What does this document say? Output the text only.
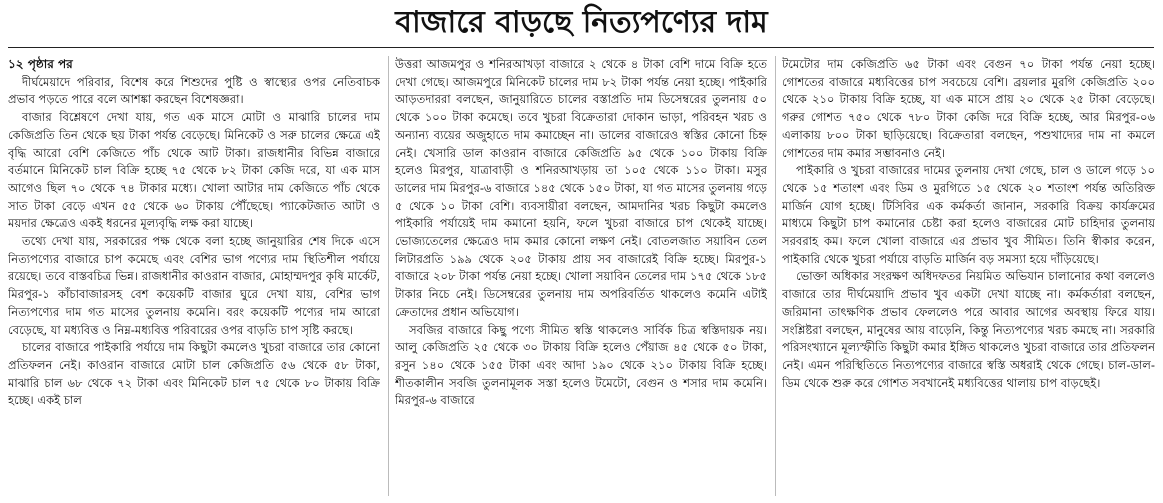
বাজারে বাড়ছে নিত্যপণ্যের দাম
১২ পৃষ্ঠার পর

দীর্ঘমেয়াদে পরিবার, বিশেষ করে শিশুদের পুষ্টি ও স্বাস্থ্যের ওপর নেতিবাচক প্রভাব পড়তে পারে বলে আশঙ্কা করছেন বিশেষজ্ঞরা।

বাজার বিশ্লেষণে দেখা যায়, গত এক মাসে মোটা ও মাঝারি চালের দাম কেজিপ্রতি তিন থেকে ছয় টাকা পর্যন্ত বেড়েছে। মিনিকেট ও সরু চালের ক্ষেত্রে এই বৃদ্ধি আরো বেশি কেজিতে পাঁচ থেকে আট টাকা। রাজধানীর বিভিন্ন বাজারে বর্তমানে মিনিকেট চাল বিক্রি হচ্ছে ৭৫ থেকে ৮২ টাকা কেজি দরে, যা এক মাস আগেও ছিল ৭০ থেকে ৭৪ টাকার মধ্যে। খোলা আটার দাম কেজিতে পাঁচ থেকে সাত টাকা বেড়ে এখন ৫৫ থেকে ৬০ টাকায় পৌঁছেছে। প্যাকেটজাত আটা ও ময়দার ক্ষেত্রেও একই ধরনের মূল্যবৃদ্ধি লক্ষ করা যাচ্ছে।

তথ্যে দেখা যায়, সরকারের পক্ষ থেকে বলা হচ্ছে জানুয়ারির শেষ দিকে এসে নিত্যপণ্যের বাজারে চাপ কমেছে এবং বেশির ভাগ পণ্যের দাম স্থিতিশীল পর্যায়ে রয়েছে। তবে বাস্তবচিত্র ভিন্ন। রাজধানীর কাওরান বাজার, মোহাম্মদপুর কৃষি মার্কেট, মিরপুর-১ কাঁচাবাজারসহ বেশ কয়েকটি বাজার ঘুরে দেখা যায়, বেশির ভাগ নিত্যপণ্যের দাম গত মাসের তুলনায় কমেনি। বরং কয়েকটি পণ্যের দাম আরো বেড়েছে, যা মধ্যবিত্ত ও নিম্ন-মধ্যবিত্ত পরিবারের ওপর বাড়তি চাপ সৃষ্টি করছে।

চালের বাজারে পাইকারি পর্যায়ে দাম কিছুটা কমলেও খুচরা বাজারে তার কোনো প্রতিফলন নেই। কাওরান বাজারে মোটা চাল কেজিপ্রতি ৫৬ থেকে ৫৮ টাকা, মাঝারি চাল ৬৮ থেকে ৭২ টাকা এবং মিনিকেট চাল ৭৫ থেকে ৮০ টাকায় বিক্রি হচ্ছে। একই চাল

উত্তরা আজমপুর ও শনিরআখড়া বাজারে ২ থেকে ৪ টাকা বেশি দামে বিক্রি হতে দেখা গেছে। আজমপুরে মিনিকেট চালের দাম ৮২ টাকা পর্যন্ত নেয়া হচ্ছে। পাইকারি আড়তদাররা বলছেন, জানুয়ারিতে চালের বস্তাপ্রতি দাম ডিসেম্বরের তুলনায় ৫০ থেকে ১০০ টাকা কমেছে। তবে খুচরা বিক্রেতারা দোকান ভাড়া, পরিবহন খরচ ও অন্যান্য ব্যয়ের অজুহাতে দাম কমাচ্ছেন না। ডালের বাজারেও স্বস্তির কোনো চিহ্ন নেই। খেসারি ডাল কাওরান বাজারে কেজিপ্রতি ৯৫ থেকে ১০০ টাকায় বিক্রি হলেও মিরপুর, যাত্রাবাড়ী ও শনিরআখড়ায় তা ১০৫ থেকে ১১০ টাকা। মসুর ডালের দাম মিরপুর-৬ বাজারে ১৪৫ থেকে ১৫০ টাকা, যা গত মাসের তুলনায় গড়ে ৫ থেকে ১০ টাকা বেশি। ব্যবসায়ীরা বলছেন, আমদানির খরচ কিছুটা কমলেও পাইকারি পর্যায়েই দাম কমানো হয়নি, ফলে খুচরা বাজারে চাপ থেকেই যাচ্ছে। ভোজ্যতেলের ক্ষেত্রেও দাম কমার কোনো লক্ষণ নেই। বোতলজাত সয়াবিন তেল লিটারপ্রতি ১৯৯ থেকে ২০৫ টাকায় প্রায় সব বাজারেই বিক্রি হচ্ছে। মিরপুর-১ বাজারে ২০৮ টাকা পর্যন্ত নেয়া হচ্ছে। খোলা সয়াবিন তেলের দাম ১৭৫ থেকে ১৮৫ টাকার নিচে নেই। ডিসেম্বরের তুলনায় দাম অপরিবর্তিত থাকলেও কমেনি এটাই ক্রেতাদের প্রধান অভিযোগ।

সবজির বাজারে কিছু পণ্যে সীমিত স্বস্তি থাকলেও সার্বিক চিত্র স্বস্তিদায়ক নয়। আলু কেজিপ্রতি ২৫ থেকে ৩০ টাকায় বিক্রি হলেও পেঁয়াজ ৪৫ থেকে ৫০ টাকা, রসুন ১৪০ থেকে ১৫৫ টাকা এবং আদা ১৯০ থেকে ২১০ টাকায় বিক্রি হচ্ছে। শীতকালীন সবজি তুলনামূলক সস্তা হলেও টমেটো, বেগুন ও শসার দাম কমেনি। মিরপুর-৬ বাজারে

টমেটোর দাম কেজিপ্রতি ৬৫ টাকা এবং বেগুন ৭০ টাকা পর্যন্ত নেয়া হচ্ছে। গোশতের বাজারে মধ্যবিত্তের চাপ সবচেয়ে বেশি। ব্রয়লার মুরগি কেজিপ্রতি ২০০ থেকে ২১০ টাকায় বিক্রি হচ্ছে, যা এক মাসে প্রায় ২০ থেকে ২৫ টাকা বেড়েছে। গরুর গোশত ৭৫০ থেকে ৭৮০ টাকা কেজি দরে বিক্রি হচ্ছে, আর মিরপুর-০৬ এলাকায় ৮০০ টাকা ছাড়িয়েছে। বিক্রেতারা বলছেন, পশুখাদ্যের দাম না কমলে গোশতের দাম কমার সম্ভাবনাও নেই।

পাইকারি ও খুচরা বাজারের দামের তুলনায় দেখা গেছে, চাল ও ডালে গড়ে ১০ থেকে ১৫ শতাংশ এবং ডিম ও মুরগিতে ১৫ থেকে ২০ শতাংশ পর্যন্ত অতিরিক্ত মার্জিন যোগ হচ্ছে। টিসিবির এক কর্মকর্তা জানান, সরকারি বিক্রয় কার্যক্রমের মাধ্যমে কিছুটা চাপ কমানোর চেষ্টা করা হলেও বাজারের মোট চাহিদার তুলনায় সরবরাহ কম। ফলে খোলা বাজারে এর প্রভাব খুব সীমিত। তিনি স্বীকার করেন, পাইকারি থেকে খুচরা পর্যায়ে বাড়তি মার্জিন বড় সমস্যা হয়ে দাঁড়িয়েছে।

ভোক্তা অধিকার সংরক্ষণ অধিদফতর নিয়মিত অভিযান চালানোর কথা বললেও বাজারে তার দীর্ঘমেয়াদি প্রভাব খুব একটা দেখা যাচ্ছে না। কর্মকর্তারা বলছেন, জরিমানা তাৎক্ষণিক প্রভাব ফেললেও পরে আবার আগের অবস্থায় ফিরে যায়। সংশ্লিষ্টরা বলছেন, মানুষের আয় বাড়েনি, কিন্তু নিত্যপণ্যের খরচ কমছে না। সরকারি পরিসংখ্যানে মূল্যস্ফীতি কিছুটা কমার ইঙ্গিত থাকলেও খুচরা বাজারে তার প্রতিফলন নেই। এমন পরিস্থিতিতে নিত্যপণ্যের বাজারে স্বস্তি অধরাই থেকে গেছে। চাল-ডাল-ডিম থেকে শুরু করে গোশত সবখানেই মধ্যবিত্তের থালায় চাপ বাড়ছেই।
